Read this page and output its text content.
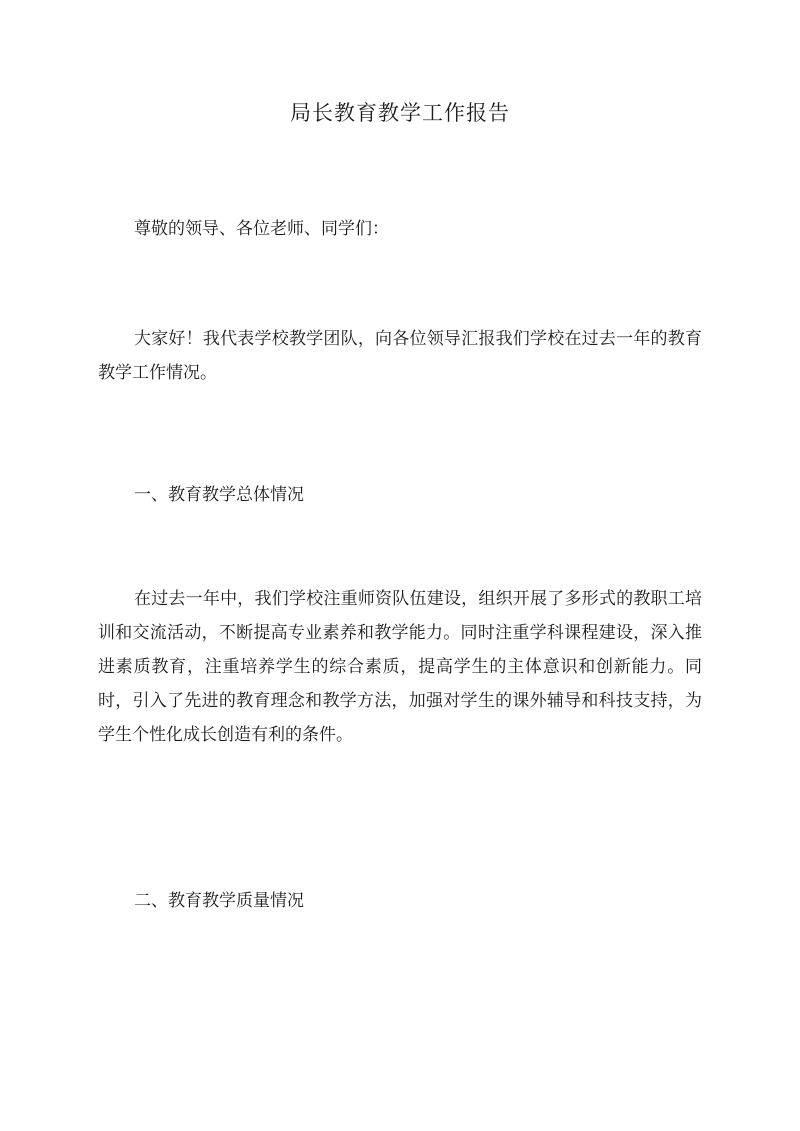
局长教育教学工作报告

尊敬的领导、各位老师、同学们：

大家好！我代表学校教学团队，向各位领导汇报我们学校在过去一年的教育教学工作情况。

一、教育教学总体情况

在过去一年中，我们学校注重师资队伍建设，组织开展了多形式的教职工培训和交流活动，不断提高专业素养和教学能力。同时注重学科课程建设，深入推进素质教育，注重培养学生的综合素质，提高学生的主体意识和创新能力。同时，引入了先进的教育理念和教学方法，加强对学生的课外辅导和科技支持，为学生个性化成长创造有利的条件。

二、教育教学质量情况
